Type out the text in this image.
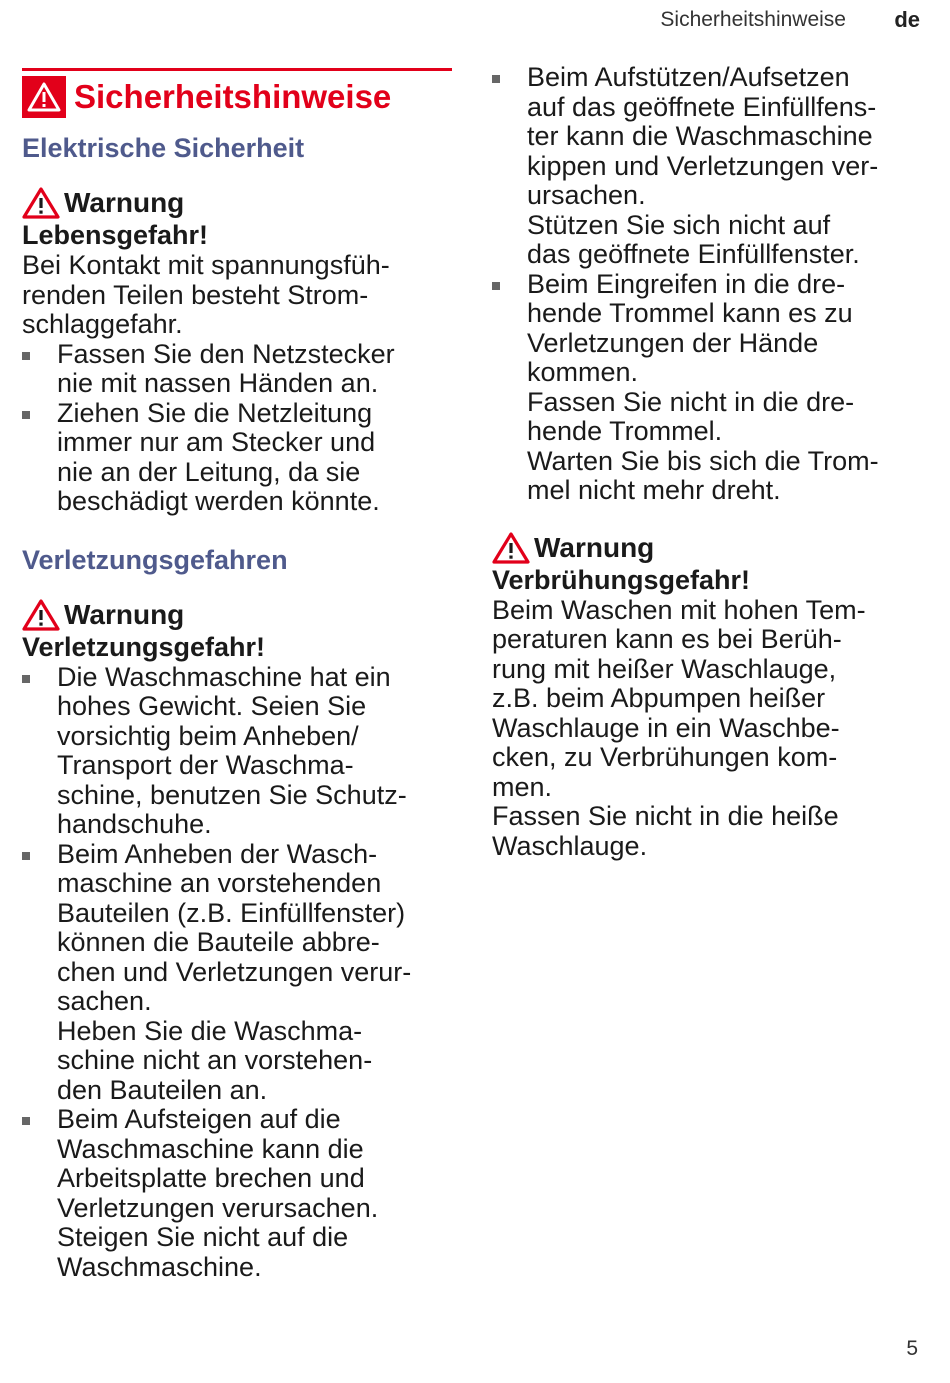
Sicherheitshinweise de
Sicherheitshinweise
Elektrische Sicherheit
Warnung
Lebensgefahr!

Bei Kontakt mit spannungsfüh-
renden Teilen besteht Strom-
schlaggefahr.

Fassen Sie den Netzstecker
nie mit nassen Händen an.
Ziehen Sie die Netzleitung
immer nur am Stecker und
nie an der Leitung, da sie
beschädigt werden könnte.
Verletzungsgefahren
Warnung
Verletzungsgefahr!
Die Waschmaschine hat ein
hohes Gewicht. Seien Sie
vorsichtig beim Anheben/
Transport der Waschma-
schine, benutzen Sie Schutz-
handschuhe.
Beim Anheben der Wasch-
maschine an vorstehenden
Bauteilen (z.B. Einfüllfenster)
können die Bauteile abbre-
chen und Verletzungen verur-
sachen.
Heben Sie die Waschma-
schine nicht an vorstehen-
den Bauteilen an.
Beim Aufsteigen auf die
Waschmaschine kann die
Arbeitsplatte brechen und
Verletzungen verursachen.
Steigen Sie nicht auf die
Waschmaschine.
Beim Aufstützen/Aufsetzen
auf das geöffnete Einfüllfens-
ter kann die Waschmaschine
kippen und Verletzungen ver-
ursachen.
Stützen Sie sich nicht auf
das geöffnete Einfüllfenster.
Beim Eingreifen in die dre-
hende Trommel kann es zu
Verletzungen der Hände
kommen.
Fassen Sie nicht in die dre-
hende Trommel.
Warten Sie bis sich die Trom-
mel nicht mehr dreht.
Warnung
Verbrühungsgefahr!

Beim Waschen mit hohen Tem-
peraturen kann es bei Berüh-
rung mit heißer Waschlauge,
z.B. beim Abpumpen heißer
Waschlauge in ein Waschbe-
cken, zu Verbrühungen kom-
men.
Fassen Sie nicht in die heiße
Waschlauge.

5
